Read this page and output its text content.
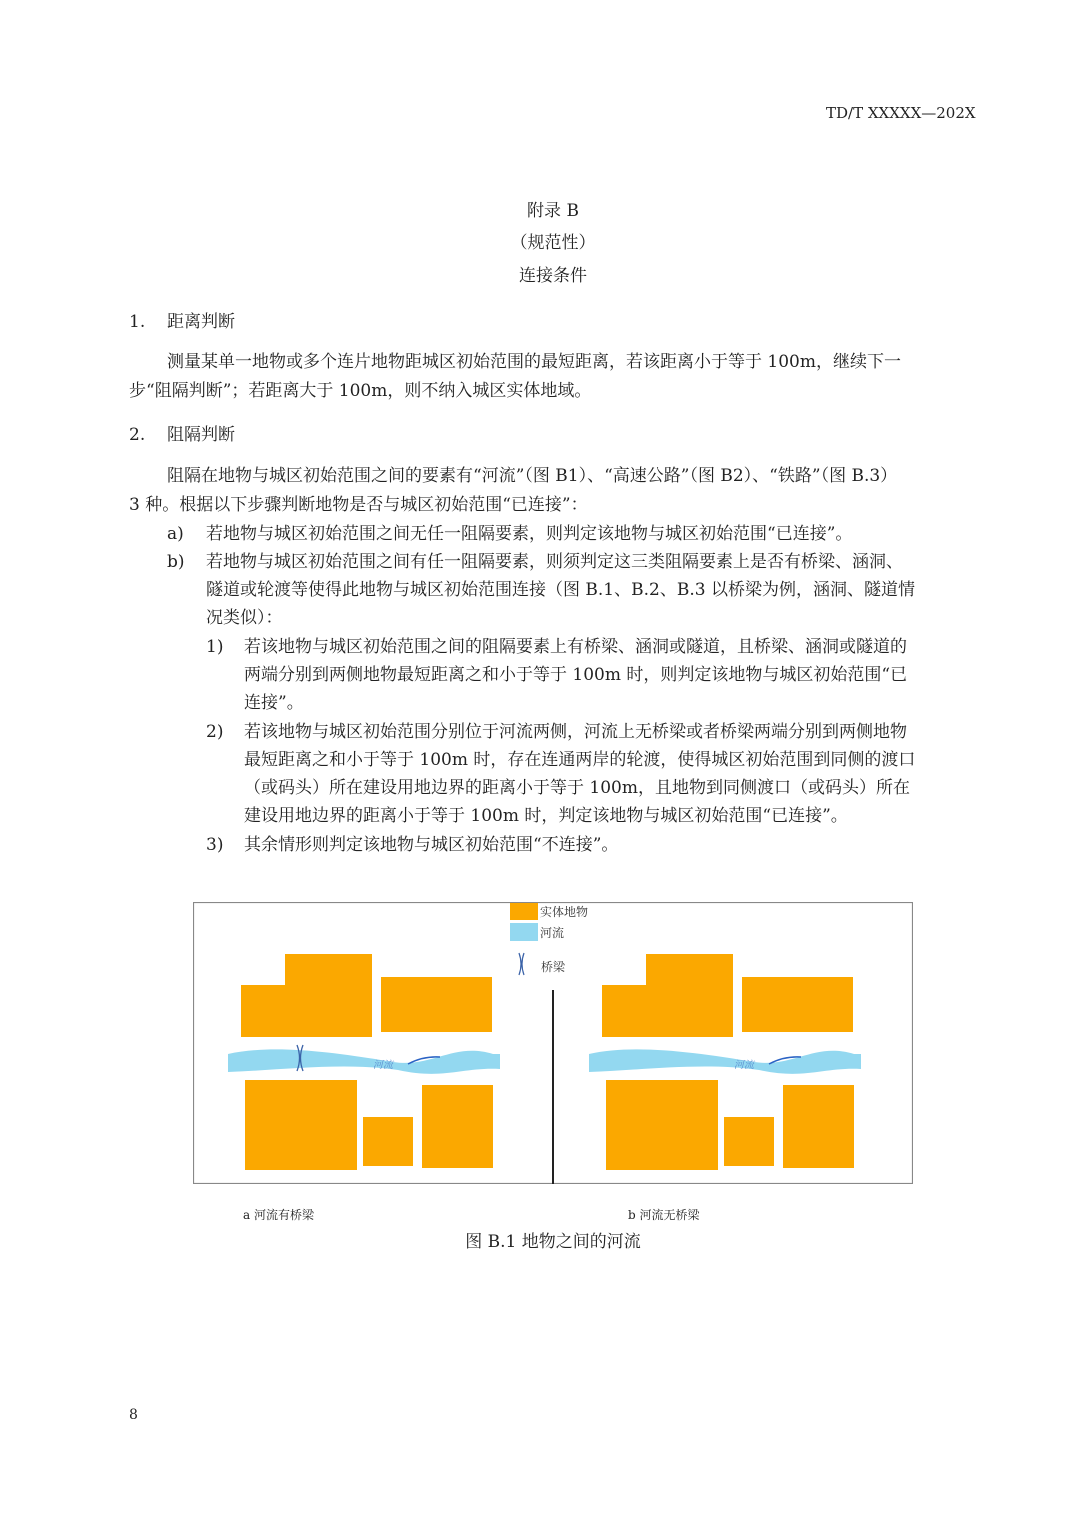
TD/T XXXXX—202X
附录 B
（规范性）
连接条件
1. 距离判断
测量某单一地物或多个连片地物距城区初始范围的最短距离，若该距离小于等于 100m，继续下一
步“阻隔判断”；若距离大于 100m，则不纳入城区实体地域。
2. 阻隔判断
阻隔在地物与城区初始范围之间的要素有“河流”（图 B1）、“高速公路”（图 B2）、“铁路”（图 B.3）
3 种。根据以下步骤判断地物是否与城区初始范围“已连接”：
a) 若地物与城区初始范围之间无任一阻隔要素，则判定该地物与城区初始范围“已连接”。
b) 若地物与城区初始范围之间有任一阻隔要素，则须判定这三类阻隔要素上是否有桥梁、涵洞、
隧道或轮渡等使得此地物与城区初始范围连接（图 B.1、B.2、B.3 以桥梁为例，涵洞、隧道情
况类似）：
1) 若该地物与城区初始范围之间的阻隔要素上有桥梁、涵洞或隧道，且桥梁、涵洞或隧道的
两端分别到两侧地物最短距离之和小于等于 100m 时，则判定该地物与城区初始范围“已
连接”。
2) 若该地物与城区初始范围分别位于河流两侧，河流上无桥梁或者桥梁两端分别到两侧地物
最短距离之和小于等于 100m 时，存在连通两岸的轮渡，使得城区初始范围到同侧的渡口
（或码头）所在建设用地边界的距离小于等于 100m，且地物到同侧渡口（或码头）所在
建设用地边界的距离小于等于 100m 时，判定该地物与城区初始范围“已连接”。
3) 其余情形则判定该地物与城区初始范围“不连接”。
实体地物
河流
桥梁
河流	河流
a 河流有桥梁	b 河流无桥梁
图 B.1 地物之间的河流
8
